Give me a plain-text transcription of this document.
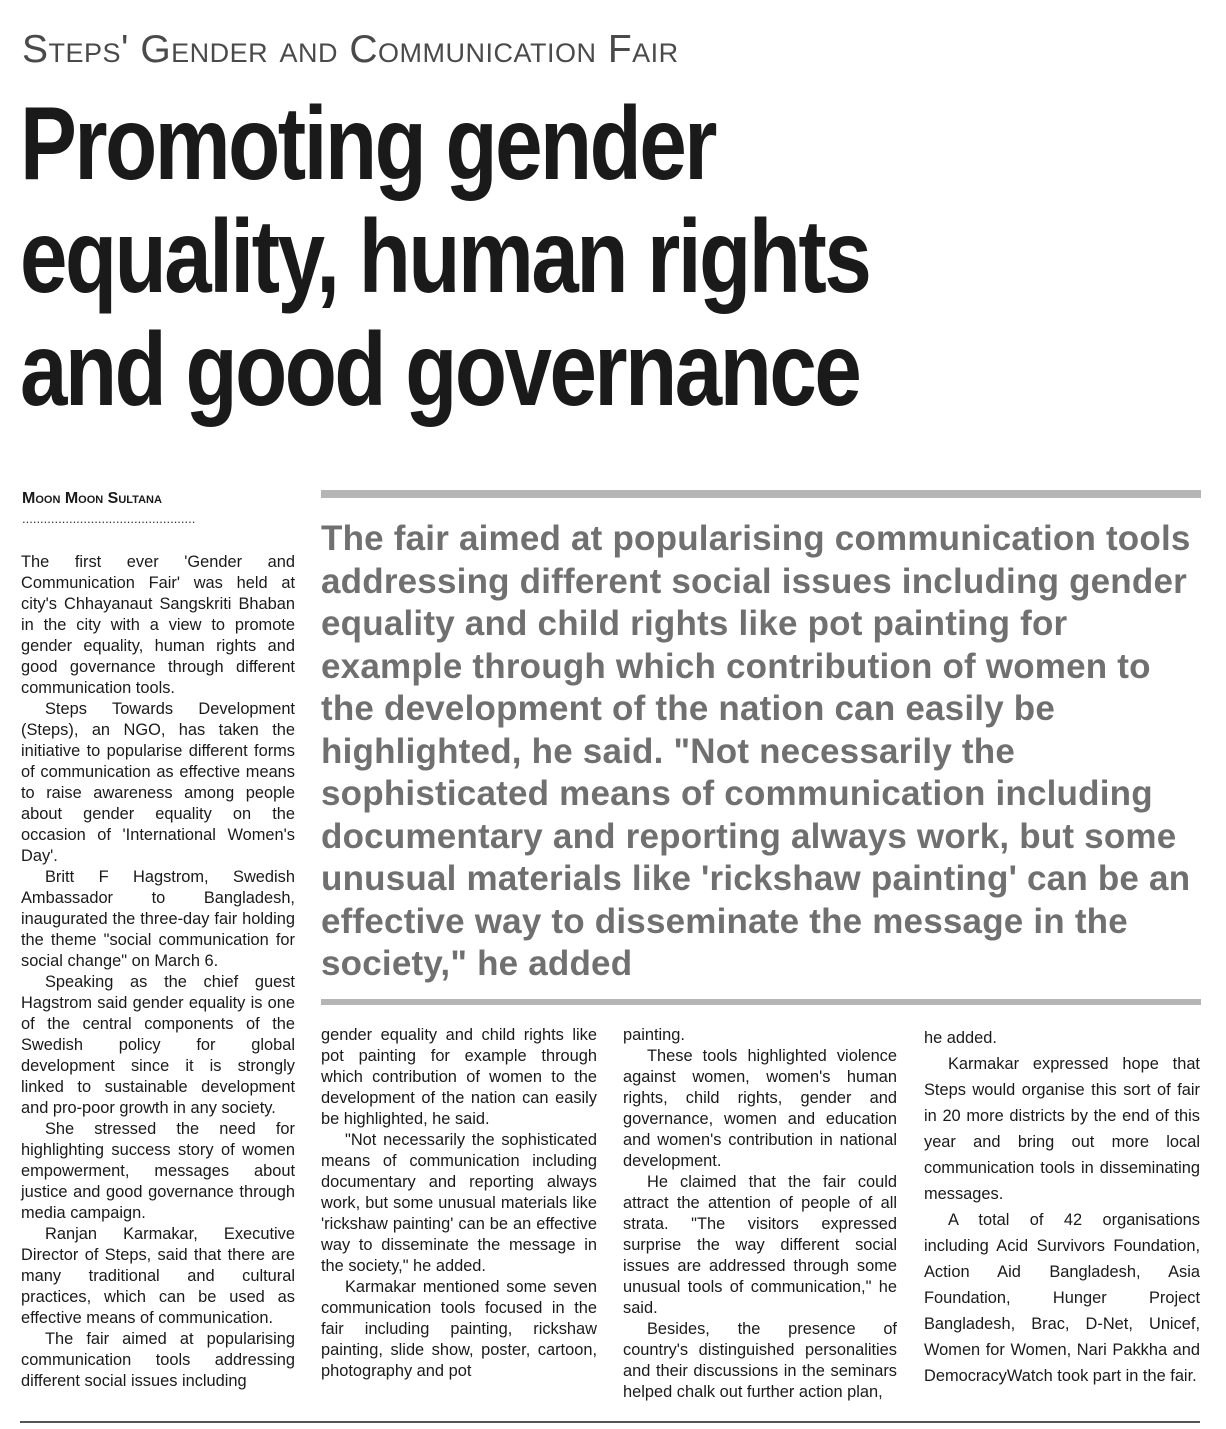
Steps' Gender and Communication Fair
Promoting gender equality, human rights and good governance
Moon Moon Sultana
................................................
The fair aimed at popularising communication tools addressing different social issues including gender equality and child rights like pot painting for example through which contribution of women to the development of the nation can easily be highlighted, he said. "Not necessarily the sophisticated means of communication including documentary and reporting always work, but some unusual materials like 'rickshaw painting' can be an effective way to disseminate the message in the society," he added

The first ever 'Gender and Communication Fair' was held at city's Chhayanaut Sangskriti Bhaban in the city with a view to promote gender equality, human rights and good governance through different communication tools.

Steps Towards Development (Steps), an NGO, has taken the initiative to popularise different forms of communication as effective means to raise awareness among people about gender equality on the occasion of 'International Women's Day'.

Britt F Hagstrom, Swedish Ambassador to Bangladesh, inaugurated the three-day fair holding the theme "social communication for social change" on March 6.

Speaking as the chief guest Hagstrom said gender equality is one of the central components of the Swedish policy for global development since it is strongly linked to sustainable development and pro-poor growth in any society.

She stressed the need for highlighting success story of women empowerment, messages about justice and good governance through media campaign.

Ranjan Karmakar, Executive Director of Steps, said that there are many traditional and cultural practices, which can be used as effective means of communication.

The fair aimed at popularising communication tools addressing different social issues including

gender equality and child rights like pot painting for example through which contribution of women to the development of the nation can easily be highlighted, he said.

"Not necessarily the sophisticated means of communication including documentary and reporting always work, but some unusual materials like 'rickshaw painting' can be an effective way to disseminate the message in the society," he added.

Karmakar mentioned some seven communication tools focused in the fair including painting, rickshaw painting, slide show, poster, cartoon, photography and pot

painting.

These tools highlighted violence against women, women's human rights, child rights, gender and governance, women and education and women's contribution in national development.

He claimed that the fair could attract the attention of people of all strata. "The visitors expressed surprise the way different social issues are addressed through some unusual tools of communication," he said.

Besides, the presence of country's distinguished personalities and their discussions in the seminars helped chalk out further action plan,

he added.

Karmakar expressed hope that Steps would organise this sort of fair in 20 more districts by the end of this year and bring out more local communication tools in disseminating messages.

A total of 42 organisations including Acid Survivors Foundation, Action Aid Bangladesh, Asia Foundation, Hunger Project Bangladesh, Brac, D-Net, Unicef, Women for Women, Nari Pakkha and DemocracyWatch took part in the fair.
